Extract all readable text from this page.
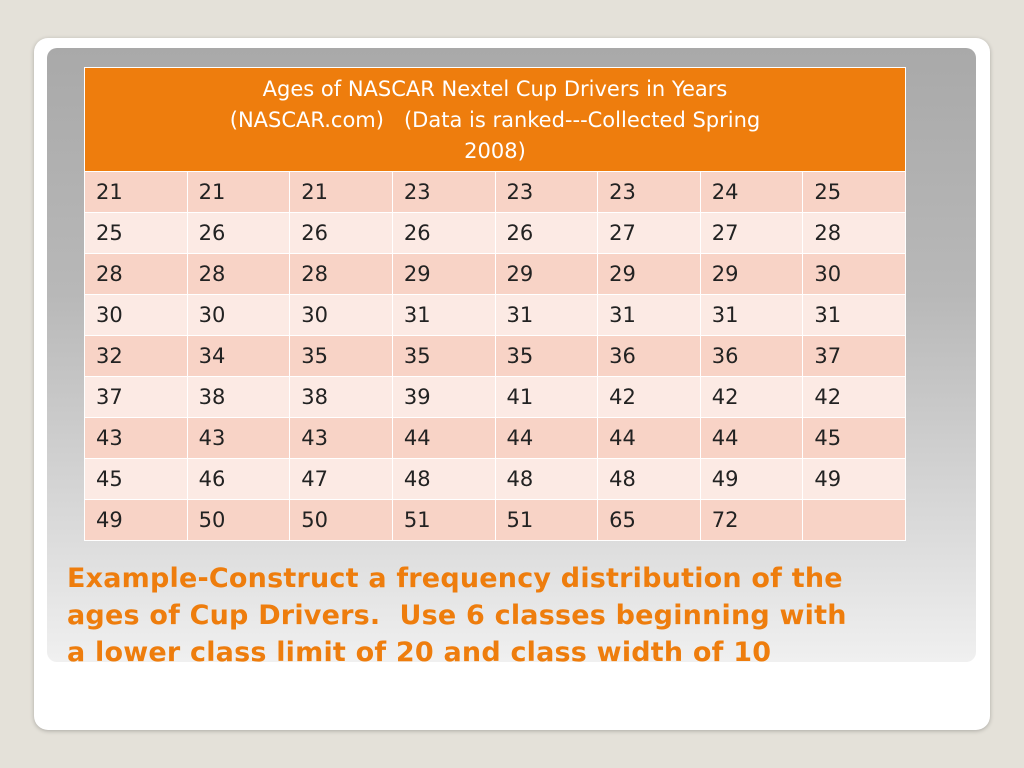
Ages of NASCAR Nextel Cup Drivers in Years
(NASCAR.com)   (Data is ranked---Collected Spring
2008)							
21	21	21	23	23	23	24	25
25	26	26	26	26	27	27	28
28	28	28	29	29	29	29	30
30	30	30	31	31	31	31	31
32	34	35	35	35	36	36	37
37	38	38	39	41	42	42	42
43	43	43	44	44	44	44	45
45	46	47	48	48	48	49	49
49	50	50	51	51	65	72	
Example-Construct a frequency distribution of the
ages of Cup Drivers.  Use 6 classes beginning with
a lower class limit of 20 and class width of 10
